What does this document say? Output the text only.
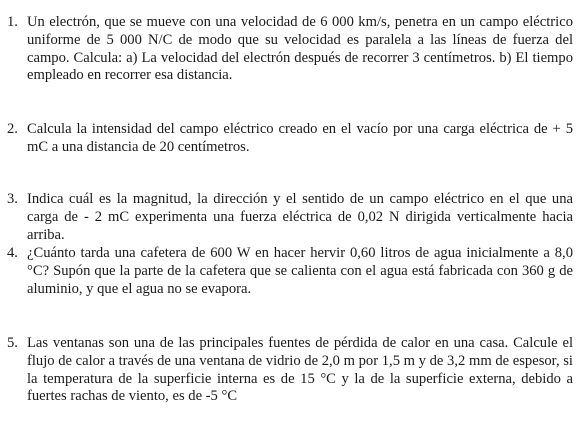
1. Un electrón, que se mueve con una velocidad de 6 000 km/s, penetra en un campo eléctrico uniforme de 5 000 N/C de modo que su velocidad es paralela a las líneas de fuerza del campo. Calcula: a) La velocidad del electrón después de recorrer 3 centímetros. b) El tiempo empleado en recorrer esa distancia.
2. Calcula la intensidad del campo eléctrico creado en el vacío por una carga eléctrica de + 5 mC a una distancia de 20 centímetros.
3. Indica cuál es la magnitud, la dirección y el sentido de un campo eléctrico en el que una carga de - 2 mC experimenta una fuerza eléctrica de 0,02 N dirigida verticalmente hacia arriba.
4. ¿Cuánto tarda una cafetera de 600 W en hacer hervir 0,60 litros de agua inicialmente a 8,0 °C? Supón que la parte de la cafetera que se calienta con el agua está fabricada con 360 g de aluminio, y que el agua no se evapora.
5. Las ventanas son una de las principales fuentes de pérdida de calor en una casa. Calcule el flujo de calor a través de una ventana de vidrio de 2,0 m por 1,5 m y de 3,2 mm de espesor, si la temperatura de la superficie interna es de 15 °C y la de la superficie externa, debido a fuertes rachas de viento, es de -5 °C
